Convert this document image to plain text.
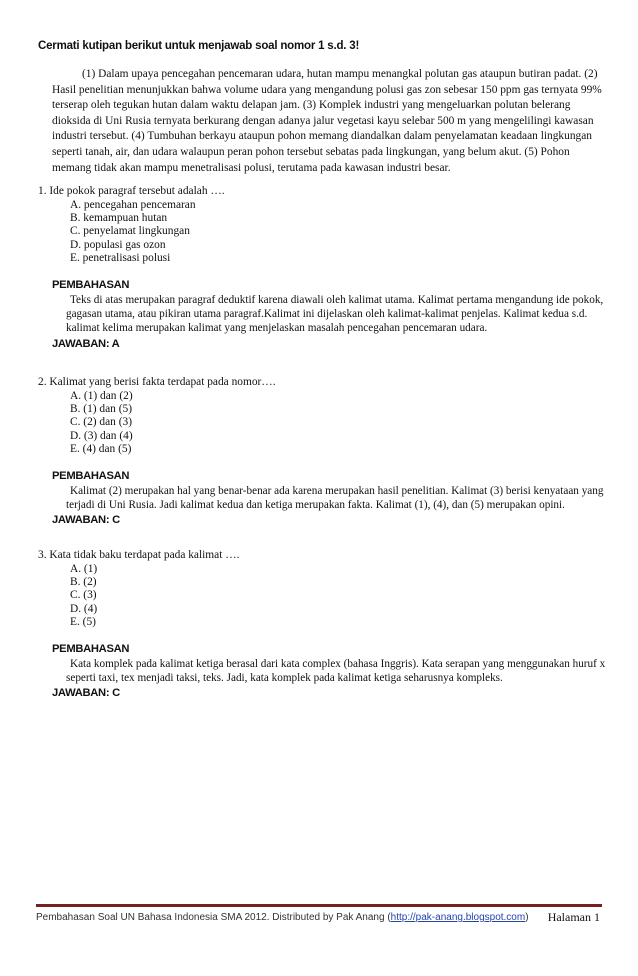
Cermati kutipan berikut untuk menjawab soal nomor 1 s.d. 3!

(1) Dalam upaya pencegahan pencemaran udara, hutan mampu menangkal polutan gas ataupun butiran padat. (2) Hasil penelitian menunjukkan bahwa volume udara yang mengandung polusi gas zon sebesar 150 ppm gas ternyata 99% terserap oleh tegukan hutan dalam waktu delapan jam. (3) Komplek industri yang mengeluarkan polutan belerang dioksida di Uni Rusia ternyata berkurang dengan adanya jalur vegetasi kayu selebar 500 m yang mengelilingi kawasan industri tersebut. (4) Tumbuhan berkayu ataupun pohon memang diandalkan dalam penyelamatan keadaan lingkungan seperti tanah, air, dan udara walaupun peran pohon tersebut sebatas pada lingkungan, yang belum akut. (5) Pohon memang tidak akan mampu menetralisasi polusi, terutama pada kawasan industri besar.

1. Ide pokok paragraf tersebut adalah ….

A. pencegahan pencemaran
B. kemampuan hutan
C. penyelamat lingkungan
D. populasi gas ozon
E. penetralisasi polusi

PEMBAHASAN

Teks di atas merupakan paragraf deduktif karena diawali oleh kalimat utama. Kalimat pertama mengandung ide pokok, gagasan utama, atau pikiran utama paragraf.Kalimat ini dijelaskan oleh kalimat-kalimat penjelas. Kalimat kedua s.d. kalimat kelima merupakan kalimat yang menjelaskan masalah pencegahan pencemaran udara.

JAWABAN: A

2. Kalimat yang berisi fakta terdapat pada nomor….

A. (1) dan (2)
B. (1) dan (5)
C. (2) dan (3)
D. (3) dan (4)
E. (4) dan (5)

PEMBAHASAN

Kalimat (2) merupakan hal yang benar-benar ada karena merupakan hasil penelitian. Kalimat (3) berisi kenyataan yang terjadi di Uni Rusia. Jadi kalimat kedua dan ketiga merupakan fakta. Kalimat (1), (4), dan (5) merupakan opini.

JAWABAN: C

3. Kata tidak baku terdapat pada kalimat ….

A. (1)
B. (2)
C. (3)
D. (4)
E. (5)

PEMBAHASAN

Kata komplek pada kalimat ketiga berasal dari kata complex (bahasa Inggris). Kata serapan yang menggunakan huruf x seperti taxi, tex menjadi taksi, teks. Jadi, kata komplek pada kalimat ketiga seharusnya kompleks.

JAWABAN: C

Pembahasan Soal UN Bahasa Indonesia SMA 2012. Distributed by Pak Anang (http://pak-anang.blogspot.com) Halaman 1
